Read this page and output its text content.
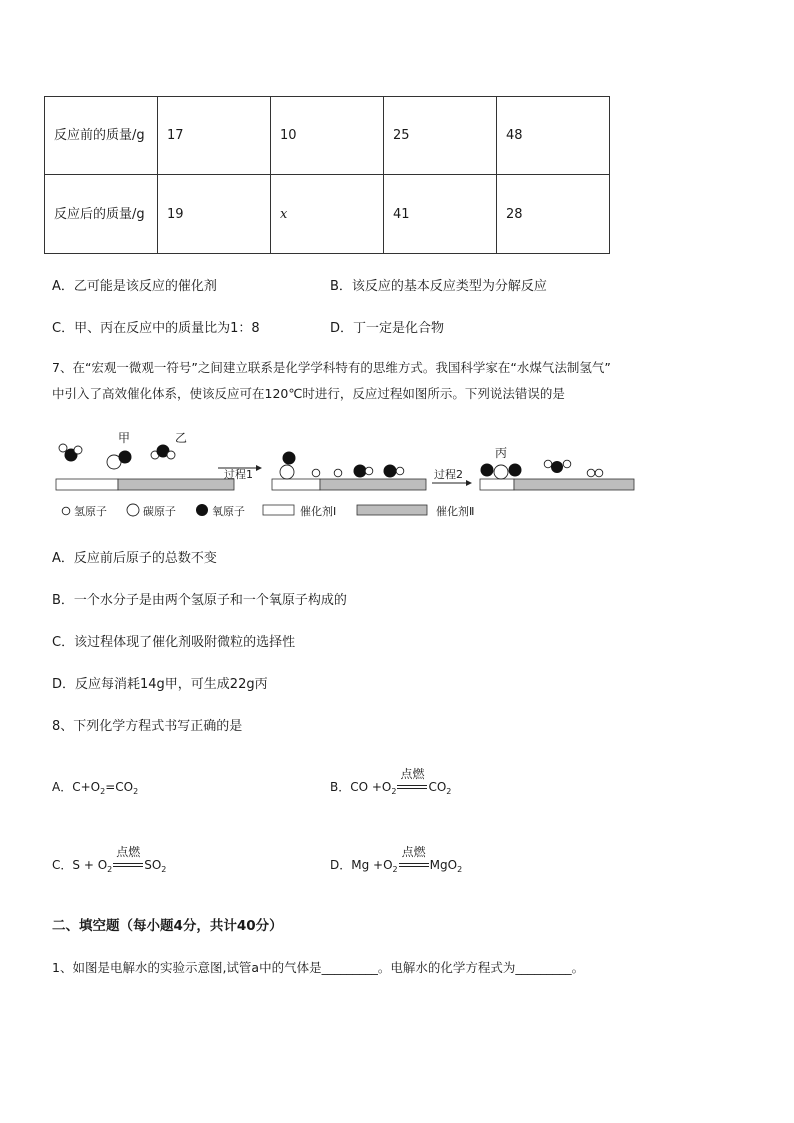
反应前的质量/g	17	10	25	48
反应后的质量/g	19	x	41	28
A．乙可能是该反应的催化剂	B．该反应的基本反应类型为分解反应
C．甲、丙在反应中的质量比为1：8	D．丁一定是化合物
7、在“宏观一微观一符号”之间建立联系是化学学科特有的思维方式。我国科学家在“水煤气法制氢气”
中引入了高效催化体系，使该反应可在120℃时进行，反应过程如图所示。下列说法错误的是
甲	乙
过程1	过程2
丙
氢原子	碳原子	氧原子	催化剂Ⅰ	催化剂Ⅱ
A．反应前后原子的总数不变
B．一个水分子是由两个氢原子和一个氧原子构成的
C．该过程体现了催化剂吸附微粒的选择性
D．反应每消耗14g甲，可生成22g丙
8、下列化学方程式书写正确的是
A．$C+O_2=CO_2$	B．CO $+O_2$
点燃
$CO_2$
C．$S + O_2$
点燃
$SO_2$	D．$Mg +O_2$
点燃
MgO$_2$
二、填空题（每小题4分，共计40分）
1、如图是电解水的实验示意图,试管a中的气体是_________。电解水的化学方程式为_________。
